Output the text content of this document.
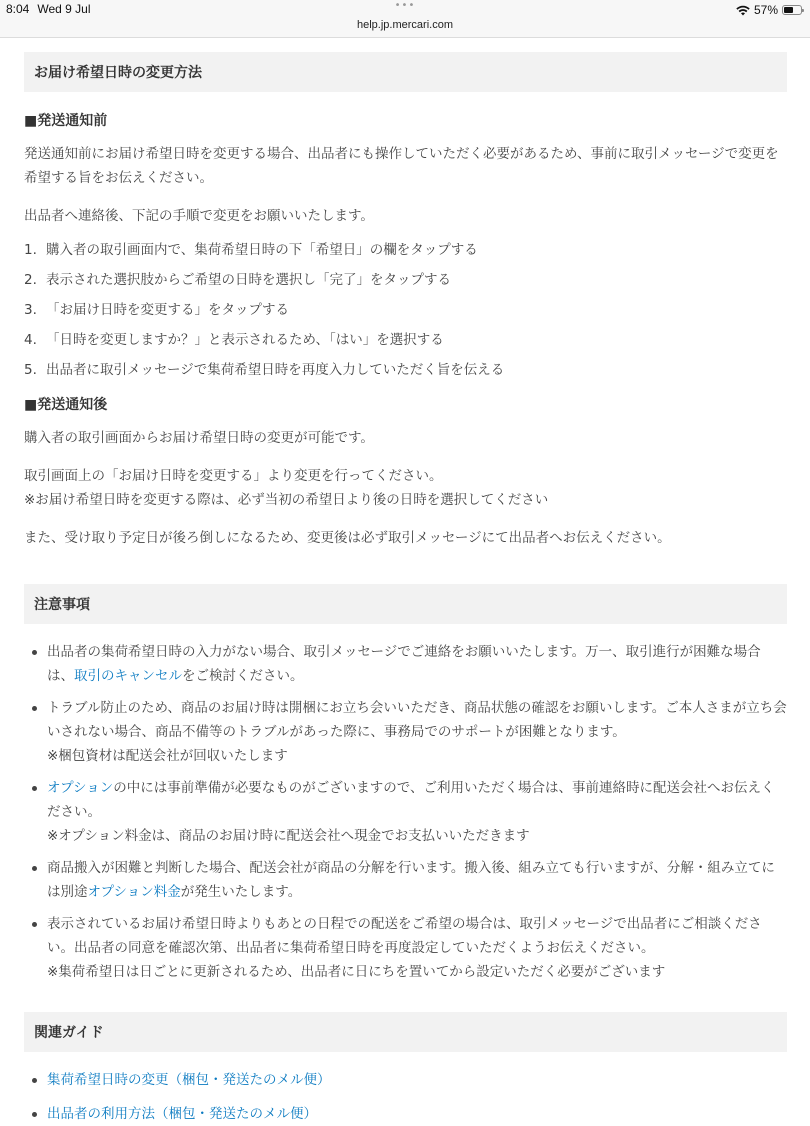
8:04 Wed 9 Jul	•••
help.jp.mercari.com
57%
お届け希望日時の変更方法
■発送通知前

発送通知前にお届け希望日時を変更する場合、出品者にも操作していただく必要があるため、事前に取引メッセージで変更を希望する旨をお伝えください。

出品者へ連絡後、下記の手順で変更をお願いいたします。

1. 購入者の取引画面内で、集荷希望日時の下「希望日」の欄をタップする
2. 表示された選択肢からご希望の日時を選択し「完了」をタップする
3. 「お届け日時を変更する」をタップする
4. 「日時を変更しますか？」と表示されるため、「はい」を選択する
5. 出品者に取引メッセージで集荷希望日時を再度入力していただく旨を伝える
■発送通知後

購入者の取引画面からお届け希望日時の変更が可能です。

取引画面上の「お届け日時を変更する」より変更を行ってください。
※お届け希望日時を変更する際は、必ず当初の希望日より後の日時を選択してください

また、受け取り予定日が後ろ倒しになるため、変更後は必ず取引メッセージにて出品者へお伝えください。

注意事項
出品者の集荷希望日時の入力がない場合、取引メッセージでご連絡をお願いいたします。万一、取引進行が困難な場合は、取引のキャンセルをご検討ください。
トラブル防止のため、商品のお届け時は開梱にお立ち会いいただき、商品状態の確認をお願いします。ご本人さまが立ち会いされない場合、商品不備等のトラブルがあった際に、事務局でのサポートが困難となります。
※梱包資材は配送会社が回収いたします
オプションの中には事前準備が必要なものがございますので、ご利用いただく場合は、事前連絡時に配送会社へお伝えください。
※オプション料金は、商品のお届け時に配送会社へ現金でお支払いいただきます
商品搬入が困難と判断した場合、配送会社が商品の分解を行います。搬入後、組み立ても行いますが、分解・組み立てには別途オプション料金が発生いたします。
表示されているお届け希望日時よりもあとの日程での配送をご希望の場合は、取引メッセージで出品者にご相談ください。出品者の同意を確認次第、出品者に集荷希望日時を再度設定していただくようお伝えください。
※集荷希望日は日ごとに更新されるため、出品者に日にちを置いてから設定いただく必要がございます
関連ガイド
集荷希望日時の変更（梱包・発送たのメル便）
出品者の利用方法（梱包・発送たのメル便）
